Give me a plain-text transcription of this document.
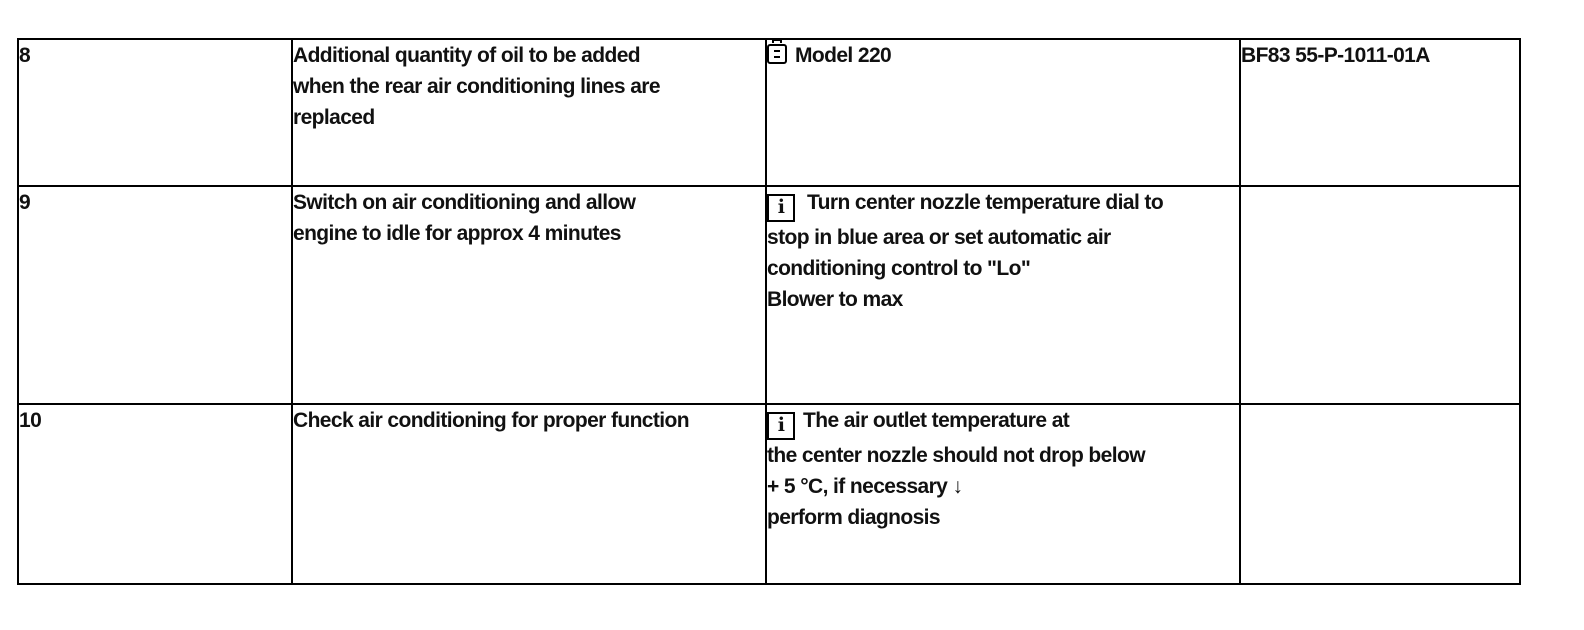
8	Additional quantity of oil to be added
when the rear air conditioning lines are
replaced	Model 220	BF83 55-P-1011-01A
9	Switch on air conditioning and allow
engine to idle for approx 4 minutes	i Turn center nozzle temperature dial to
stop in blue area or set automatic air
conditioning control to "Lo"
Blower to max	

10	Check air conditioning for proper function	i The air outlet temperature at
the center nozzle should not drop below
+ 5 °C, if necessary ↓
perform diagnosis	
